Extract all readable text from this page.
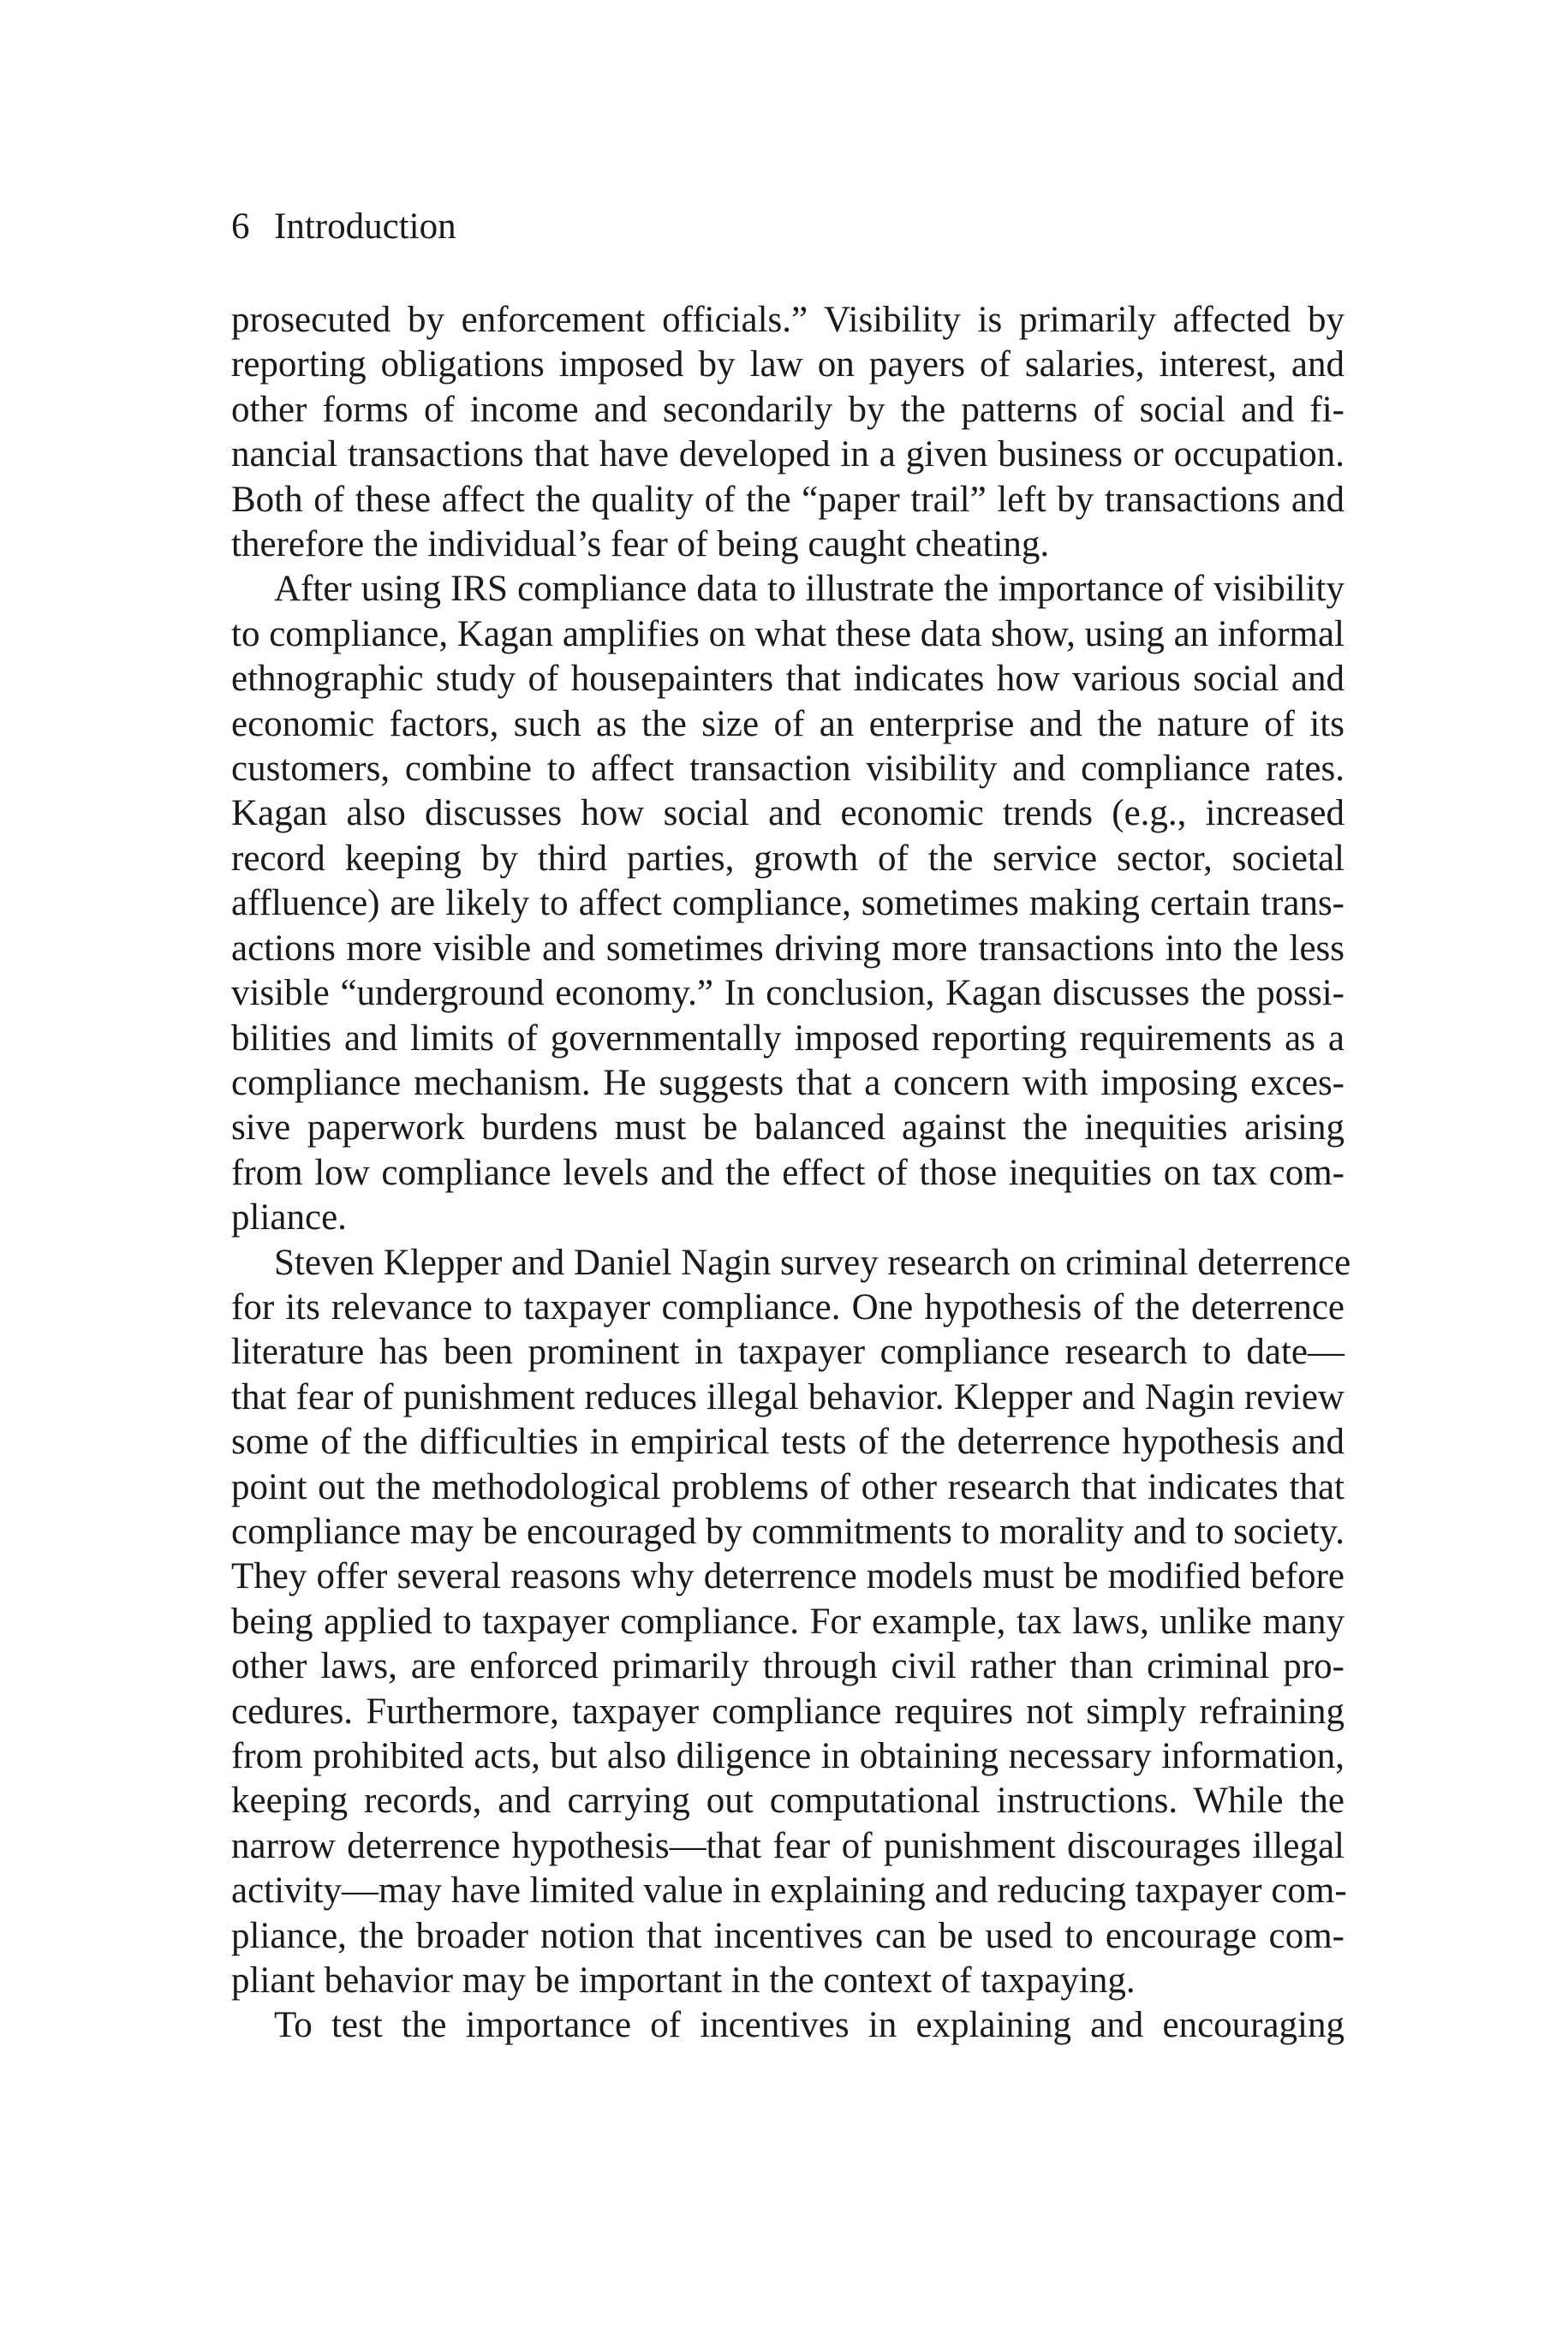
6 Introduction
prosecuted by enforcement officials.” Visibility is primarily affected by
reporting obligations imposed by law on payers of salaries, interest, and
other forms of income and secondarily by the patterns of social and fi-
nancial transactions that have developed in a given business or occupation.
Both of these affect the quality of the “paper trail” left by transactions and
therefore the individual’s fear of being caught cheating.
After using IRS compliance data to illustrate the importance of visibility
to compliance, Kagan amplifies on what these data show, using an informal
ethnographic study of housepainters that indicates how various social and
economic factors, such as the size of an enterprise and the nature of its
customers, combine to affect transaction visibility and compliance rates.
Kagan also discusses how social and economic trends (e.g., increased
record keeping by third parties, growth of the service sector, societal
affluence) are likely to affect compliance, sometimes making certain trans-
actions more visible and sometimes driving more transactions into the less
visible “underground economy.” In conclusion, Kagan discusses the possi-
bilities and limits of governmentally imposed reporting requirements as a
compliance mechanism. He suggests that a concern with imposing exces-
sive paperwork burdens must be balanced against the inequities arising
from low compliance levels and the effect of those inequities on tax com-
pliance.
Steven Klepper and Daniel Nagin survey research on criminal deterrence
for its relevance to taxpayer compliance. One hypothesis of the deterrence
literature has been prominent in taxpayer compliance research to date—
that fear of punishment reduces illegal behavior. Klepper and Nagin review
some of the difficulties in empirical tests of the deterrence hypothesis and
point out the methodological problems of other research that indicates that
compliance may be encouraged by commitments to morality and to society.
They offer several reasons why deterrence models must be modified before
being applied to taxpayer compliance. For example, tax laws, unlike many
other laws, are enforced primarily through civil rather than criminal pro-
cedures. Furthermore, taxpayer compliance requires not simply refraining
from prohibited acts, but also diligence in obtaining necessary information,
keeping records, and carrying out computational instructions. While the
narrow deterrence hypothesis—that fear of punishment discourages illegal
activity—may have limited value in explaining and reducing taxpayer com-
pliance, the broader notion that incentives can be used to encourage com-
pliant behavior may be important in the context of taxpaying.
To test the importance of incentives in explaining and encouraging
